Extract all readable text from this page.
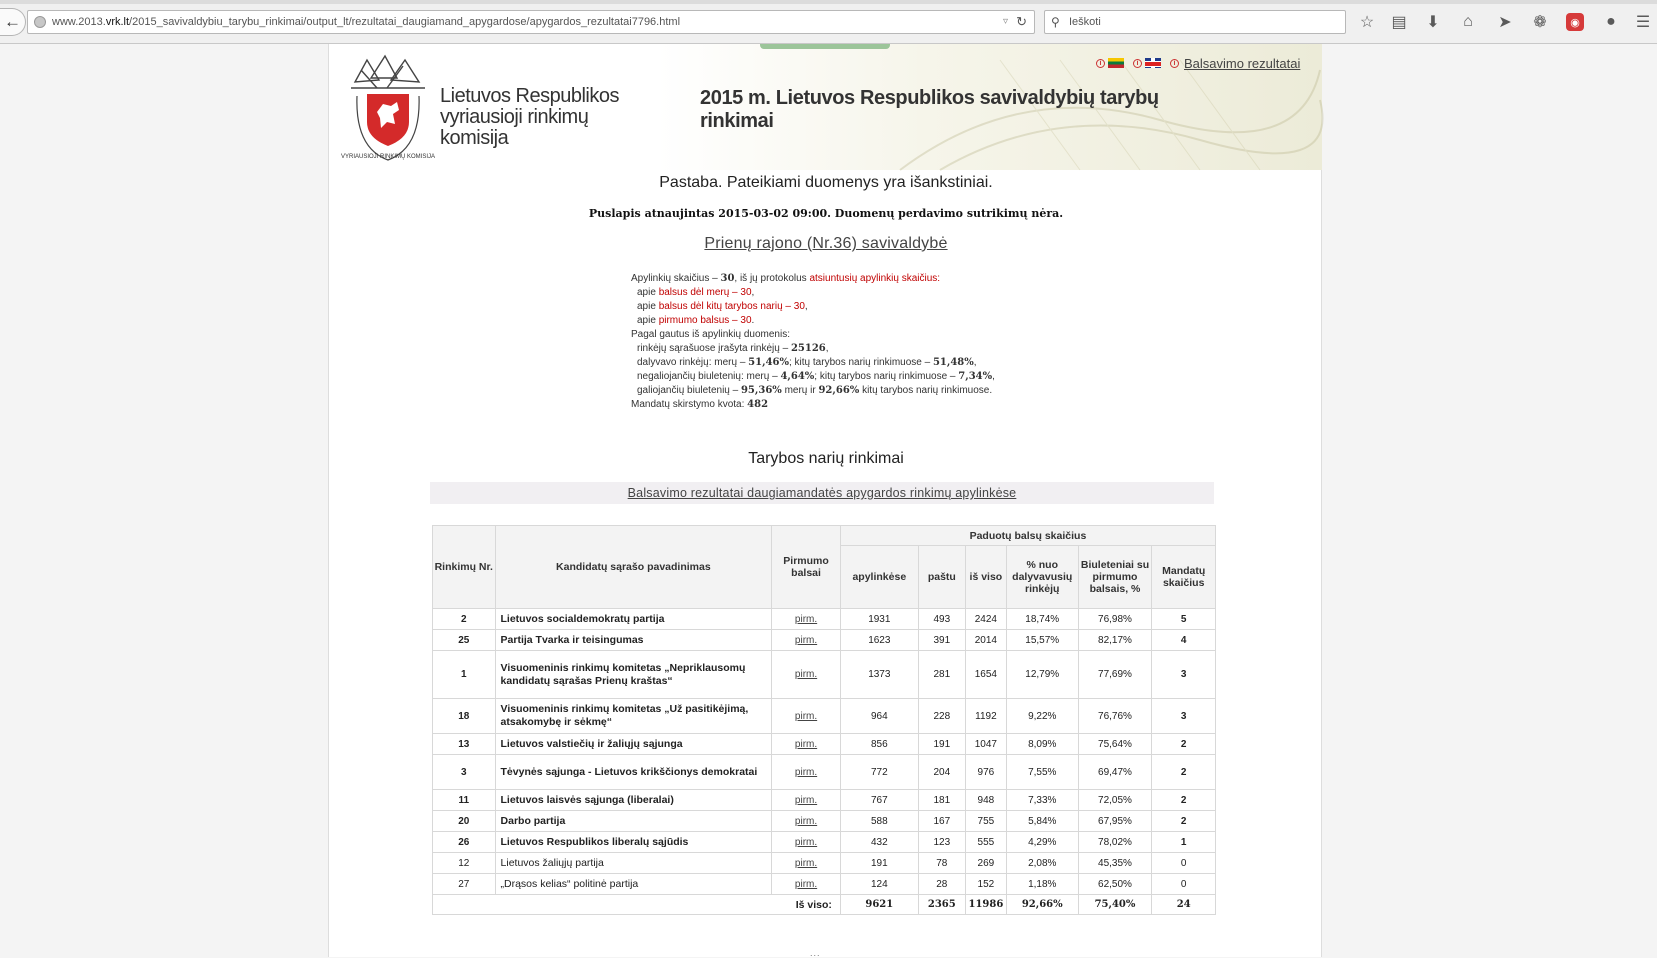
←	www.2013.vrk.lt/2015_savivaldybiu_tarybu_rinkimai/output_lt/rezultatai_daugiamand_apygardose/apygardos_rezultatai7796.html	▿ ↻ ⚲ Ieškoti	☆ ▤ ⬇	⌂	➤ ❁	◉	●	☰
VYRIAUSIOJI RINKIMŲ KOMISIJA
Lietuvos Respublikos
vyriausioji rinkimų komisija
2015 m. Lietuvos Respublikos savivaldybių tarybų rinkimai
i	i	i Balsavimo rezultatai
Pastaba. Pateikiami duomenys yra išankstiniai.
Puslapis atnaujintas 2015-03-02 09:00. Duomenų perdavimo sutrikimų nėra.
Prienų rajono (Nr.36) savivaldybė
Apylinkių skaičius – 30, iš jų protokolus atsiuntusių apylinkių skaičius:
apie balsus dėl merų – 30,
apie balsus dėl kitų tarybos narių – 30,
apie pirmumo balsus – 30.
Pagal gautus iš apylinkių duomenis:
rinkėjų sąrašuose įrašyta rinkėjų – 25126,
dalyvavo rinkėjų: merų – 51,46%; kitų tarybos narių rinkimuose – 51,48%,
negaliojančių biuletenių: merų – 4,64%; kitų tarybos narių rinkimuose – 7,34%,
galiojančių biuletenių – 95,36% merų ir 92,66% kitų tarybos narių rinkimuose.
Mandatų skirstymo kvota: 482
Tarybos narių rinkimai
Balsavimo rezultatai daugiamandatės apygardos rinkimų apylinkėse
Rinkimų Nr.	Kandidatų sąrašo pavadinimas	Pirmumo balsai	Paduotų balsų skaičius					
			apylinkėse	paštu	iš viso	% nuo dalyvavusių rinkėjų	Biuleteniai su pirmumo balsais, %	Mandatų skaičius
2	Lietuvos socialdemokratų partija	pirm.	1931	493	2424	18,74%	76,98%	5
25	Partija Tvarka ir teisingumas	pirm.	1623	391	2014	15,57%	82,17%	4
1	Visuomeninis rinkimų komitetas „Nepriklausomų kandidatų sąrašas Prienų kraštas“	pirm.	1373	281	1654	12,79%	77,69%	3
18	Visuomeninis rinkimų komitetas „Už pasitikėjimą, atsakomybę ir sėkmę“	pirm.	964	228	1192	9,22%	76,76%	3
13	Lietuvos valstiečių ir žaliųjų sąjunga	pirm.	856	191	1047	8,09%	75,64%	2
3	Tėvynės sąjunga - Lietuvos krikščionys demokratai	pirm.	772	204	976	7,55%	69,47%	2
11	Lietuvos laisvės sąjunga (liberalai)	pirm.	767	181	948	7,33%	72,05%	2
20	Darbo partija	pirm.	588	167	755	5,84%	67,95%	2
26	Lietuvos Respublikos liberalų sąjūdis	pirm.	432	123	555	4,29%	78,02%	1
12	Lietuvos žaliųjų partija	pirm.	191	78	269	2,08%	45,35%	0
27	„Drąsos kelias“ politinė partija	pirm.	124	28	152	1,18%	62,50%	0
Iš viso:			9621	2365	11986	92,66%	75,40%	24
...
